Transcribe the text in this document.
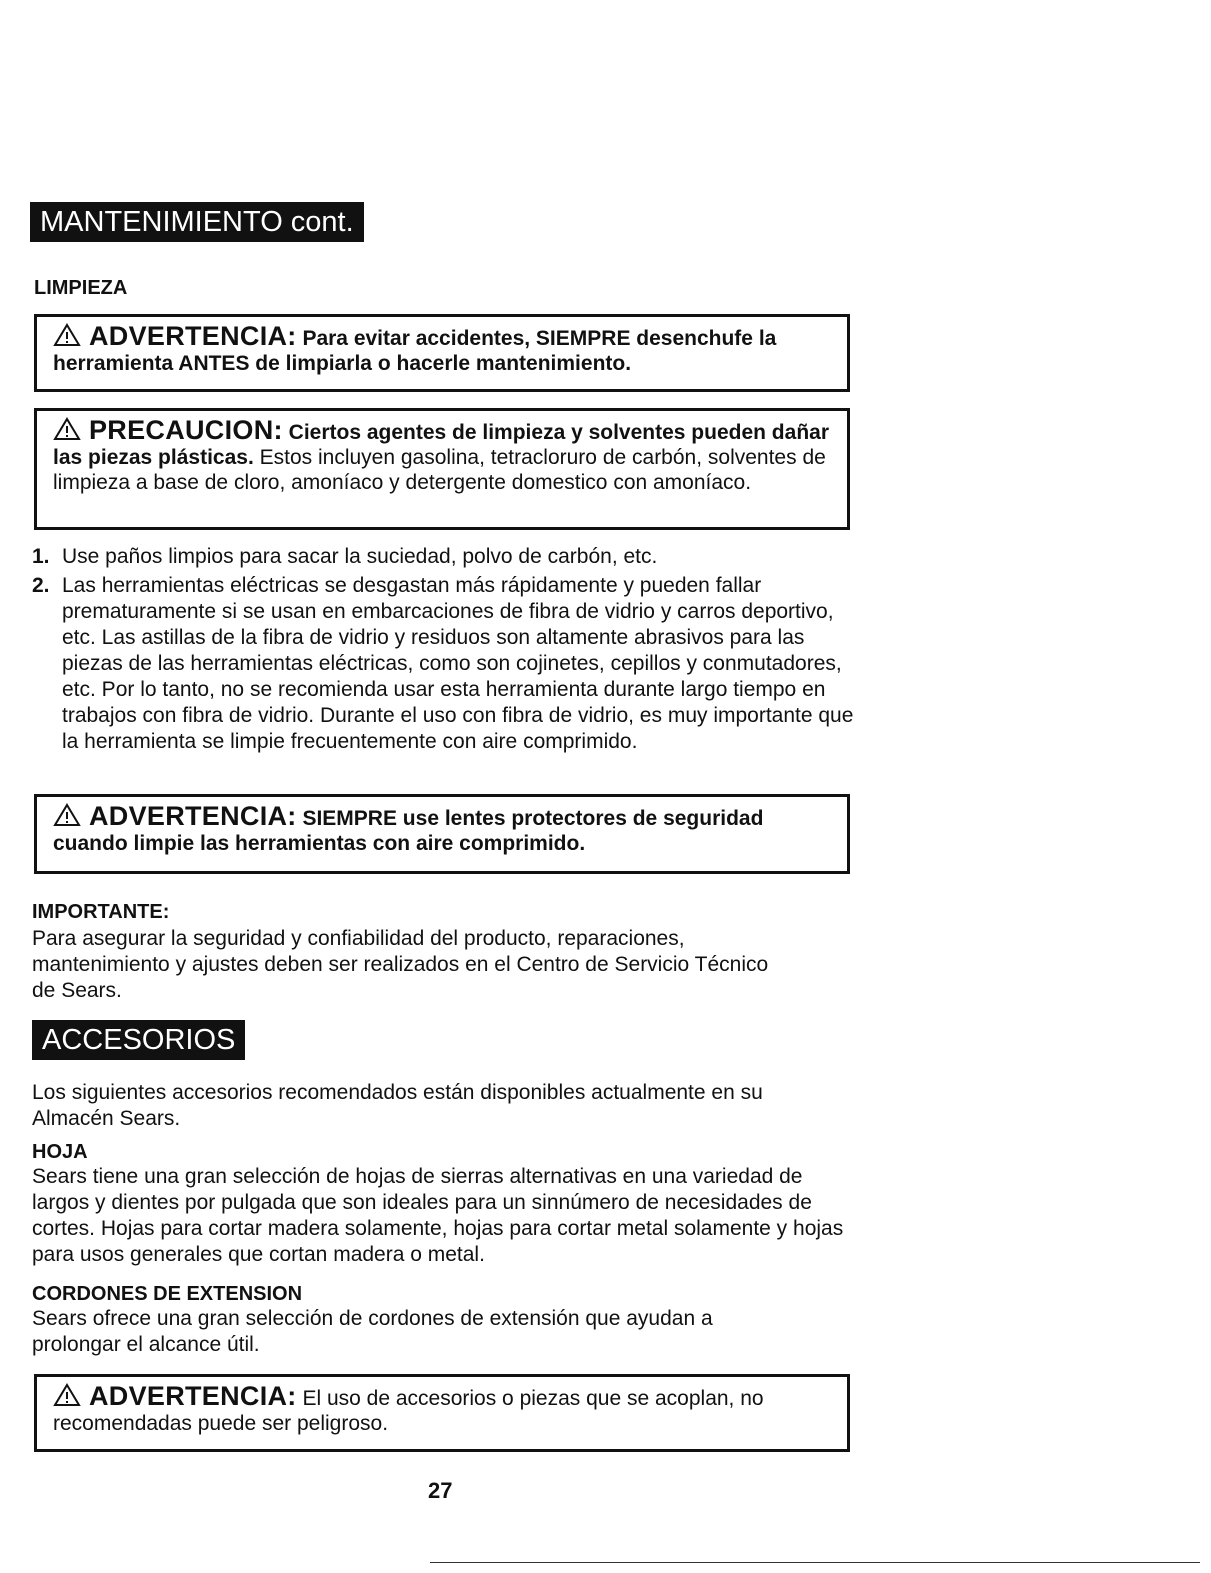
MANTENIMIENTO cont.
LIMPIEZA
ADVERTENCIA: Para evitar accidentes, SIEMPRE desenchufe la herramienta ANTES de limpiarla o hacerle mantenimiento.
PRECAUCION: Ciertos agentes de limpieza y solventes pueden dañar las piezas plásticas. Estos incluyen gasolina, tetracloruro de carbón, solventes de limpieza a base de cloro, amoníaco y detergente domestico con amoníaco.
1. Use paños limpios para sacar la suciedad, polvo de carbón, etc.
2. Las herramientas eléctricas se desgastan más rápidamente y pueden fallar prematuramente si se usan en embarcaciones de fibra de vidrio y carros deportivo, etc. Las astillas de la fibra de vidrio y residuos son altamente abrasivos para las piezas de las herramientas eléctricas, como son cojinetes, cepillos y conmutadores, etc. Por lo tanto, no se recomienda usar esta herramienta durante largo tiempo en trabajos con fibra de vidrio. Durante el uso con fibra de vidrio, es muy importante que la herramienta se limpie frecuentemente con aire comprimido.
ADVERTENCIA: SIEMPRE use lentes protectores de seguridad cuando limpie las herramientas con aire comprimido.
IMPORTANTE:
Para asegurar la seguridad y confiabilidad del producto, reparaciones, mantenimiento y ajustes deben ser realizados en el Centro de Servicio Técnico de Sears.
ACCESORIOS
Los siguientes accesorios recomendados están disponibles actualmente en su Almacén Sears.
HOJA
Sears tiene una gran selección de hojas de sierras alternativas en una variedad de largos y dientes por pulgada que son ideales para un sinnúmero de necesidades de cortes. Hojas para cortar madera solamente, hojas para cortar metal solamente y hojas para usos generales que cortan madera o metal.
CORDONES DE EXTENSION
Sears ofrece una gran selección de cordones de extensión que ayudan a prolongar el alcance útil.
ADVERTENCIA: El uso de accesorios o piezas que se acoplan, no recomendadas puede ser peligroso.
27
